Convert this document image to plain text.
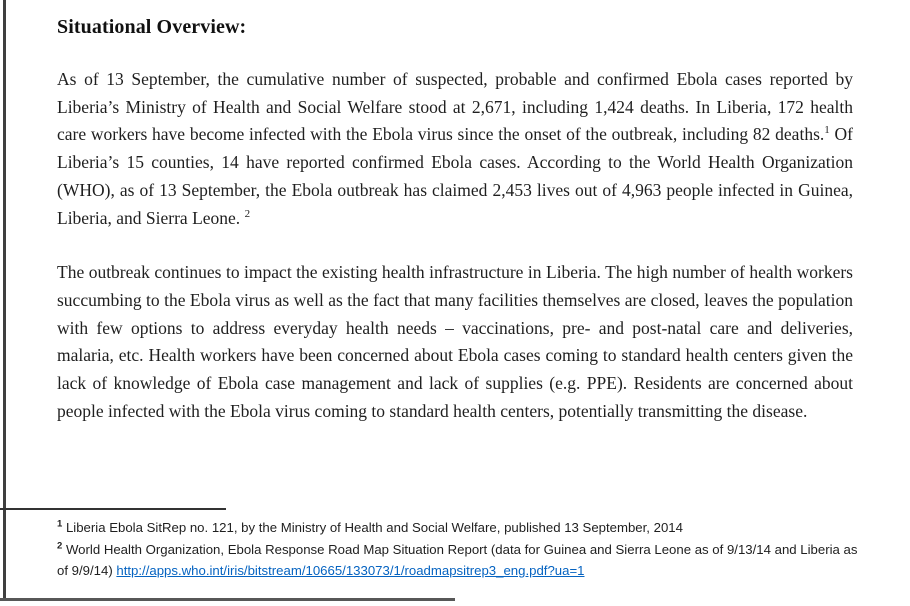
Situational Overview:

As of 13 September, the cumulative number of suspected, probable and confirmed Ebola cases reported by Liberia’s Ministry of Health and Social Welfare stood at 2,671, including 1,424 deaths. In Liberia, 172 health care workers have become infected with the Ebola virus since the onset of the outbreak, including 82 deaths.$^1$ Of Liberia’s 15 counties, 14 have reported confirmed Ebola cases. According to the World Health Organization (WHO), as of 13 September, the Ebola outbreak has claimed 2,453 lives out of 4,963 people infected in Guinea, Liberia, and Sierra Leone. $^2$

The outbreak continues to impact the existing health infrastructure in Liberia. The high number of health workers succumbing to the Ebola virus as well as the fact that many facilities themselves are closed, leaves the population with few options to address everyday health needs – vaccinations, pre- and post-natal care and deliveries, malaria, etc. Health workers have been concerned about Ebola cases coming to standard health centers given the lack of knowledge of Ebola case management and lack of supplies (e.g. PPE). Residents are concerned about people infected with the Ebola virus coming to standard health centers, potentially transmitting the disease.

$^1$ Liberia Ebola SitRep no. 121, by the Ministry of Health and Social Welfare, published 13 September, 2014
$^2$ World Health Organization, Ebola Response Road Map Situation Report (data for Guinea and Sierra Leone as of 9/13/14 and Liberia as of 9/9/14) http://apps.who.int/iris/bitstream/10665/133073/1/roadmapsitrep3_eng.pdf?ua=1
